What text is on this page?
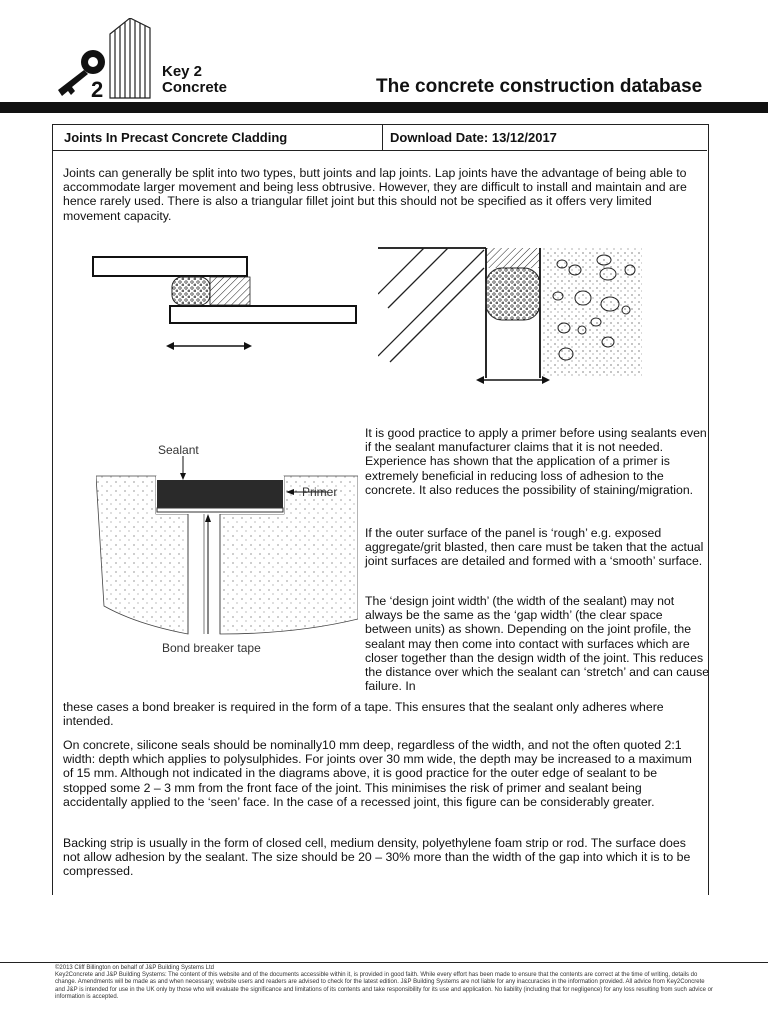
2
Key 2
Concrete	The concrete construction database
Joints In Precast Concrete Cladding	Download Date: 13/12/2017

Joints can generally be split into two types, butt joints and lap joints. Lap joints have the advantage of being able to accommodate larger movement and being less obtrusive. However, they are difficult to install and maintain and are hence rarely used. There is also a triangular fillet joint but this should not be specified as it offers very limited movement capacity.

Sealant
Primer
Bond breaker tape

It is good practice to apply a primer before using sealants even if the sealant manufacturer claims that it is not needed. Experience has shown that the application of a primer is extremely beneficial in reducing loss of adhesion to the concrete. It also reduces the possibility of staining/migration.

If the outer surface of the panel is ‘rough’ e.g. exposed aggregate/grit blasted, then care must be taken that the actual joint surfaces are detailed and formed with a ‘smooth’ surface.

The ‘design joint width’ (the width of the sealant) may not always be the same as the ‘gap width’ (the clear space between units) as shown. Depending on the joint profile, the sealant may then come into contact with surfaces which are closer together than the design width of the joint. This reduces the distance over which the sealant can ‘stretch’ and can cause failure. In

these cases a bond breaker is required in the form of a tape. This ensures that the sealant only adheres where intended.

On concrete, silicone seals should be nominally10 mm deep, regardless of the width, and not the often quoted 2:1 width: depth which applies to polysulphides. For joints over 30 mm wide, the depth may be increased to a maximum of 15 mm. Although not indicated in the diagrams above, it is good practice for the outer edge of sealant to be stopped some 2 – 3 mm from the front face of the joint. This minimises the risk of primer and sealant being accidentally applied to the ‘seen’ face. In the case of a recessed joint, this figure can be considerably greater.

Backing strip is usually in the form of closed cell, medium density, polyethylene foam strip or rod. The surface does not allow adhesion by the sealant. The size should be 20 – 30% more than the width of the gap into which it is to be compressed.

©2013 Cliff Billington on behalf of J&P Building Systems Ltd

Key2Concrete and J&P Building Systems: The content of this website and of the documents accessible within it, is provided in good faith. While every effort has been made to ensure that the contents are correct at the time of writing, details do change. Amendments will be made as and when necessary; website users and readers are advised to check for the latest edition. J&P Building Systems are not liable for any inaccuracies in the information provided. All advice from Key2Concrete and J&P is intended for use in the UK only by those who will evaluate the significance and limitations of its contents and take responsibility for its use and application. No liability (including that for negligence) for any loss resulting from such advice or information is accepted.
